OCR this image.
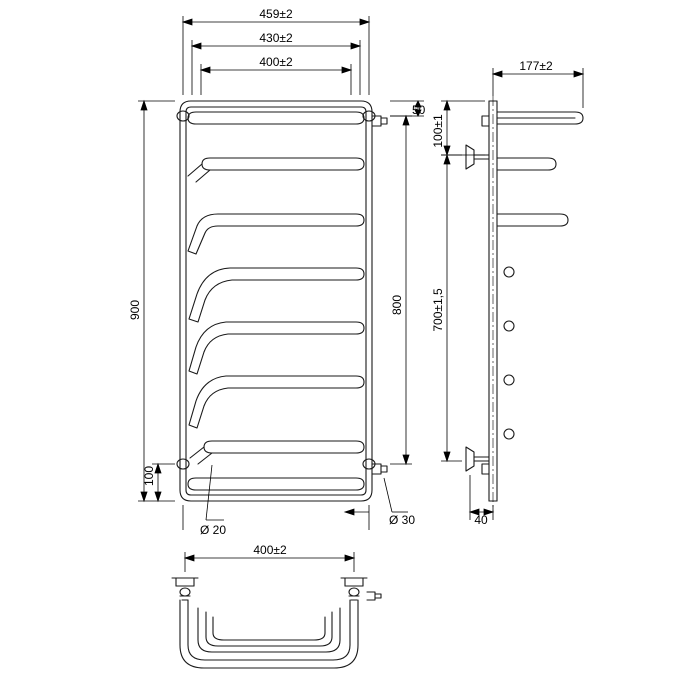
459±2
430±2
400±2
900
100
800
50
Ø 20
Ø 30
177±2
100±1
700±1,5
40
400±2
